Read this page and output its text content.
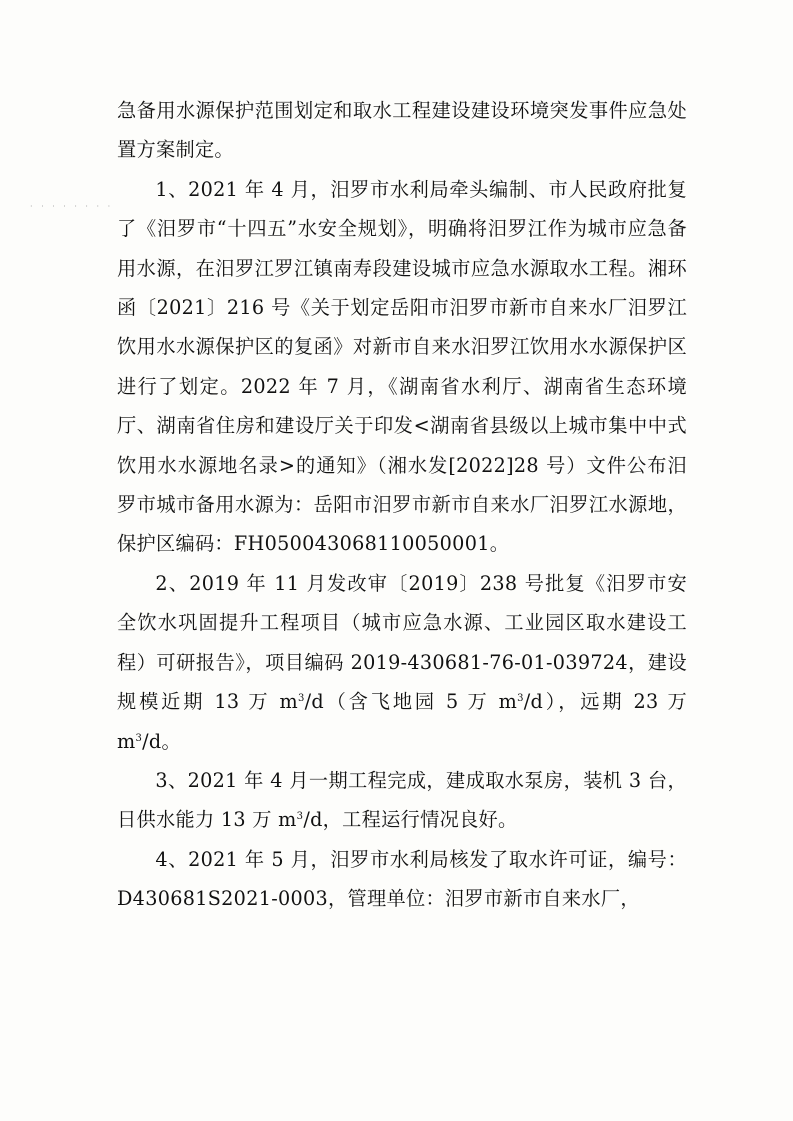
· · · · · · · ·

急备用水源保护范围划定和取水工程建设建设环境突发事件应急处置方案制定。

1、2021 年 4 月，汨罗市水利局牵头编制、市人民政府批复了《汨罗市“十四五”水安全规划》，明确将汨罗江作为城市应急备用水源，在汨罗江罗江镇南寿段建设城市应急水源取水工程。湘环函〔2021〕216 号《关于划定岳阳市汨罗市新市自来水厂汨罗江饮用水水源保护区的复函》对新市自来水汨罗江饮用水水源保护区进行了划定。2022 年 7 月，《湖南省水利厅、湖南省生态环境厅、湖南省住房和建设厅关于印发<湖南省县级以上城市集中中式饮用水水源地名录>的通知》（湘水发[2022]28 号）文件公布汨罗市城市备用水源为：岳阳市汨罗市新市自来水厂汨罗江水源地，保护区编码：FH050043068110050001。

2、2019 年 11 月发改审〔2019〕238 号批复《汨罗市安全饮水巩固提升工程项目（城市应急水源、工业园区取水建设工程）可研报告》，项目编码 2019-430681-76-01-039724，建设规模近期 13 万 $m^3/d$（含飞地园 5 万 $m^3/d$），远期 23 万 $m^3/d$。

3、2021 年 4 月一期工程完成，建成取水泵房，装机 3 台，日供水能力 13 万 $m^3/d$，工程运行情况良好。

4、2021 年 5 月，汨罗市水利局核发了取水许可证，编号：D430681S2021-0003，管理单位：汨罗市新市自来水厂，
